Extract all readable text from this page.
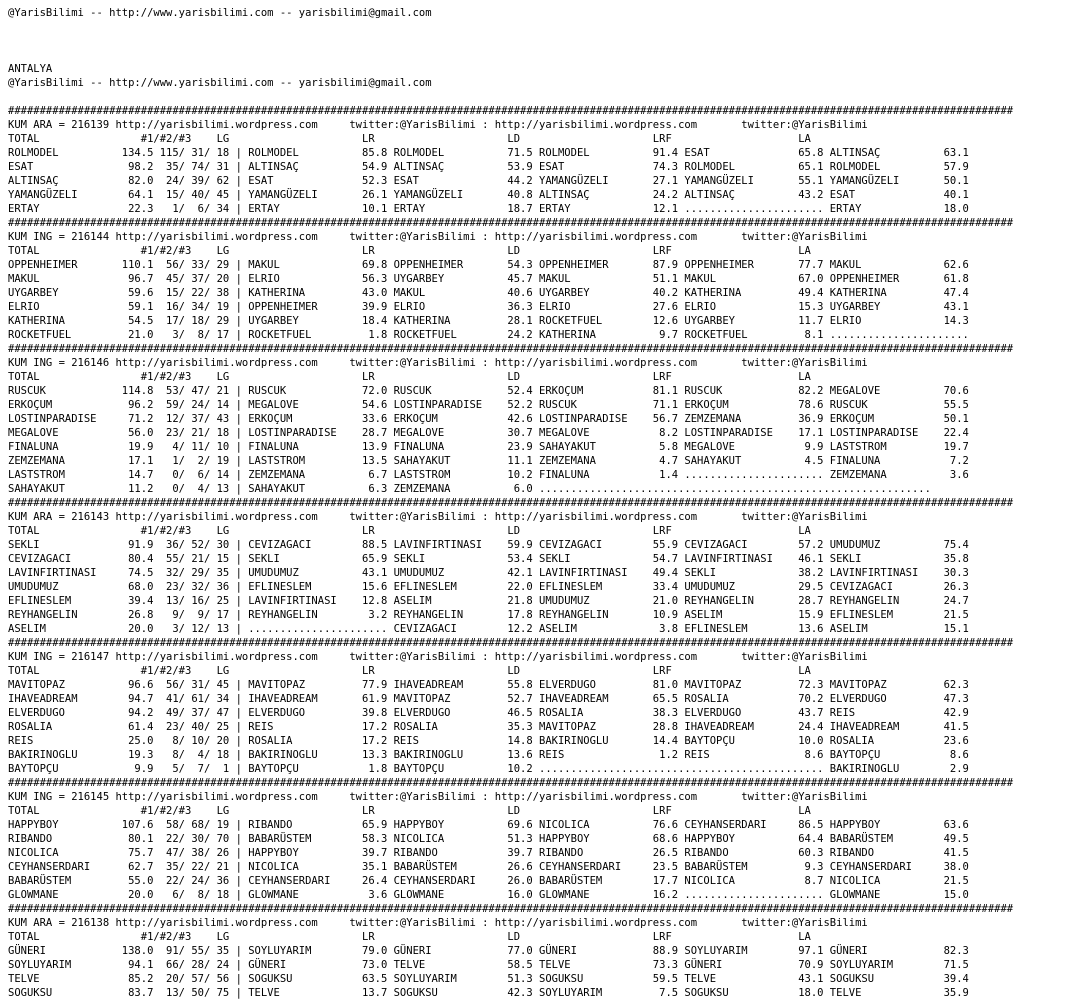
@YarisBilimi -- http://www.yarisbilimi.com -- yarisbilimi@gmail.com
ANTALYA
@YarisBilimi -- http://www.yarisbilimi.com -- yarisbilimi@gmail.com
###############################################################################################################################################################
KUM ARA = 216139 http://yarisbilimi.wordpress.com     twitter:@YarisBilimi : http://yarisbilimi.wordpress.com       twitter:@YarisBilimi
TOTAL                #1/#2/#3    LG                     LR                     LD                     LRF                    LA
ROLMODEL          134.5 115/ 31/ 18 | ROLMODEL          85.8 ROLMODEL          71.5 ROLMODEL          91.4 ESAT              65.8 ALTINSAÇ          63.1
ESAT               98.2  35/ 74/ 31 | ALTINSAÇ          54.9 ALTINSAÇ          53.9 ESAT              74.3 ROLMODEL          65.1 ROLMODEL          57.9
ALTINSAÇ           82.0  24/ 39/ 62 | ESAT              52.3 ESAT              44.2 YAMANGÜZELI       27.1 YAMANGÜZELI       55.1 YAMANGÜZELI       50.1
YAMANGÜZELI        64.1  15/ 40/ 45 | YAMANGÜZELI       26.1 YAMANGÜZELI       40.8 ALTINSAÇ          24.2 ALTINSAÇ          43.2 ESAT              40.1
ERTAY              22.3   1/  6/ 34 | ERTAY             10.1 ERTAY             18.7 ERTAY             12.1 ...................... ERTAY             18.0
###############################################################################################################################################################
KUM ING = 216144 http://yarisbilimi.wordpress.com     twitter:@YarisBilimi : http://yarisbilimi.wordpress.com       twitter:@YarisBilimi
TOTAL                #1/#2/#3    LG                     LR                     LD                     LRF                    LA
OPPENHEIMER       110.1  56/ 33/ 29 | MAKUL             69.8 OPPENHEIMER       54.3 OPPENHEIMER       87.9 OPPENHEIMER       77.7 MAKUL             62.6
MAKUL              96.7  45/ 37/ 20 | ELRIO             56.3 UYGARBEY          45.7 MAKUL             51.1 MAKUL             67.0 OPPENHEIMER       61.8
UYGARBEY           59.6  15/ 22/ 38 | KATHERINA         43.0 MAKUL             40.6 UYGARBEY          40.2 KATHERINA         49.4 KATHERINA         47.4
ELRIO              59.1  16/ 34/ 19 | OPPENHEIMER       39.9 ELRIO             36.3 ELRIO             27.6 ELRIO             15.3 UYGARBEY          43.1
KATHERINA          54.5  17/ 18/ 29 | UYGARBEY          18.4 KATHERINA         28.1 ROCKETFUEL        12.6 UYGARBEY          11.7 ELRIO             14.3
ROCKETFUEL         21.0   3/  8/ 17 | ROCKETFUEL         1.8 ROCKETFUEL        24.2 KATHERINA          9.7 ROCKETFUEL         8.1 ......................
###############################################################################################################################################################
KUM ING = 216146 http://yarisbilimi.wordpress.com     twitter:@YarisBilimi : http://yarisbilimi.wordpress.com       twitter:@YarisBilimi
TOTAL                #1/#2/#3    LG                     LR                     LD                     LRF                    LA
RUSCUK            114.8  53/ 47/ 21 | RUSCUK            72.0 RUSCUK            52.4 ERKOÇUM           81.1 RUSCUK            82.2 MEGALOVE          70.6
ERKOÇUM            96.2  59/ 24/ 14 | MEGALOVE          54.6 LOSTINPARADISE    52.2 RUSCUK            71.1 ERKOÇUM           78.6 RUSCUK            55.5
LOSTINPARADISE     71.2  12/ 37/ 43 | ERKOÇUM           33.6 ERKOÇUM           42.6 LOSTINPARADISE    56.7 ZEMZEMANA         36.9 ERKOÇUM           50.1
MEGALOVE           56.0  23/ 21/ 18 | LOSTINPARADISE    28.7 MEGALOVE          30.7 MEGALOVE           8.2 LOSTINPARADISE    17.1 LOSTINPARADISE    22.4
FINALUNA           19.9   4/ 11/ 10 | FINALUNA          13.9 FINALUNA          23.9 SAHAYAKUT          5.8 MEGALOVE           9.9 LASTSTROM         19.7
ZEMZEMANA          17.1   1/  2/ 19 | LASTSTROM         13.5 SAHAYAKUT         11.1 ZEMZEMANA          4.7 SAHAYAKUT          4.5 FINALUNA           7.2
LASTSTROM          14.7   0/  6/ 14 | ZEMZEMANA          6.7 LASTSTROM         10.2 FINALUNA           1.4 ...................... ZEMZEMANA          3.6
SAHAYAKUT          11.2   0/  4/ 13 | SAHAYAKUT          6.3 ZEMZEMANA          6.0 ..............................................................
###############################################################################################################################################################
KUM ARA = 216143 http://yarisbilimi.wordpress.com     twitter:@YarisBilimi : http://yarisbilimi.wordpress.com       twitter:@YarisBilimi
TOTAL                #1/#2/#3    LG                     LR                     LD                     LRF                    LA
SEKLI              91.9  36/ 52/ 30 | CEVIZAGACI        88.5 LAVINFIRTINASI    59.9 CEVIZAGACI        55.9 CEVIZAGACI        57.2 UMUDUMUZ          75.4
CEVIZAGACI         80.4  55/ 21/ 15 | SEKLI             65.9 SEKLI             53.4 SEKLI             54.7 LAVINFIRTINASI    46.1 SEKLI             35.8
LAVINFIRTINASI     74.5  32/ 29/ 35 | UMUDUMUZ          43.1 UMUDUMUZ          42.1 LAVINFIRTINASI    49.4 SEKLI             38.2 LAVINFIRTINASI    30.3
UMUDUMUZ           68.0  23/ 32/ 36 | EFLINESLEM        15.6 EFLINESLEM        22.0 EFLINESLEM        33.4 UMUDUMUZ          29.5 CEVIZAGACI        26.3
EFLINESLEM         39.4  13/ 16/ 25 | LAVINFIRTINASI    12.8 ASELIM            21.8 UMUDUMUZ          21.0 REYHANGELIN       28.7 REYHANGELIN       24.7
REYHANGELIN        26.8   9/  9/ 17 | REYHANGELIN        3.2 REYHANGELIN       17.8 REYHANGELIN       10.9 ASELIM            15.9 EFLINESLEM        21.5
ASELIM             20.0   3/ 12/ 13 | ...................... CEVIZAGACI        12.2 ASELIM             3.8 EFLINESLEM        13.6 ASELIM            15.1
###############################################################################################################################################################
KUM ING = 216147 http://yarisbilimi.wordpress.com     twitter:@YarisBilimi : http://yarisbilimi.wordpress.com       twitter:@YarisBilimi
TOTAL                #1/#2/#3    LG                     LR                     LD                     LRF                    LA
MAVITOPAZ          96.6  56/ 31/ 45 | MAVITOPAZ         77.9 IHAVEADREAM       55.8 ELVERDUGO         81.0 MAVITOPAZ         72.3 MAVITOPAZ         62.3
IHAVEADREAM        94.7  41/ 61/ 34 | IHAVEADREAM       61.9 MAVITOPAZ         52.7 IHAVEADREAM       65.5 ROSALIA           70.2 ELVERDUGO         47.3
ELVERDUGO          94.2  49/ 37/ 47 | ELVERDUGO         39.8 ELVERDUGO         46.5 ROSALIA           38.3 ELVERDUGO         43.7 REIS              42.9
ROSALIA            61.4  23/ 40/ 25 | REIS              17.2 ROSALIA           35.3 MAVITOPAZ         28.8 IHAVEADREAM       24.4 IHAVEADREAM       41.5
REIS               25.0   8/ 10/ 20 | ROSALIA           17.2 REIS              14.8 BAKIRINOGLU       14.4 BAYTOPÇU          10.0 ROSALIA           23.6
BAKIRINOGLU        19.3   8/  4/ 18 | BAKIRINOGLU       13.3 BAKIRINOGLU       13.6 REIS               1.2 REIS               8.6 BAYTOPÇU           8.6
BAYTOPÇU            9.9   5/  7/  1 | BAYTOPÇU           1.8 BAYTOPÇU          10.2 ............................................. BAKIRINOGLU        2.9
###############################################################################################################################################################
KUM ING = 216145 http://yarisbilimi.wordpress.com     twitter:@YarisBilimi : http://yarisbilimi.wordpress.com       twitter:@YarisBilimi
TOTAL                #1/#2/#3    LG                     LR                     LD                     LRF                    LA
HAPPYBOY          107.6  58/ 68/ 19 | RIBANDO           65.9 HAPPYBOY          69.6 NICOLICA          76.6 CEYHANSERDARI     86.5 HAPPYBOY          63.6
RIBANDO            80.1  22/ 30/ 70 | BABARÜSTEM        58.3 NICOLICA          51.3 HAPPYBOY          68.6 HAPPYBOY          64.4 BABARÜSTEM        49.5
NICOLICA           75.7  47/ 38/ 26 | HAPPYBOY          39.7 RIBANDO           39.7 RIBANDO           26.5 RIBANDO           60.3 RIBANDO           41.5
CEYHANSERDARI      62.7  35/ 22/ 21 | NICOLICA          35.1 BABARÜSTEM        26.6 CEYHANSERDARI     23.5 BABARÜSTEM         9.3 CEYHANSERDARI     38.0
BABARÜSTEM         55.0  22/ 24/ 36 | CEYHANSERDARI     26.4 CEYHANSERDARI     26.0 BABARÜSTEM        17.7 NICOLICA           8.7 NICOLICA          21.5
GLOWMANE           20.0   6/  8/ 18 | GLOWMANE           3.6 GLOWMANE          16.0 GLOWMANE          16.2 ...................... GLOWMANE          15.0
###############################################################################################################################################################
KUM ARA = 216138 http://yarisbilimi.wordpress.com     twitter:@YarisBilimi : http://yarisbilimi.wordpress.com       twitter:@YarisBilimi
TOTAL                #1/#2/#3    LG                     LR                     LD                     LRF                    LA
GÜNERI            138.0  91/ 55/ 35 | SOYLUYARIM        79.0 GÜNERI            77.0 GÜNERI            88.9 SOYLUYARIM        97.1 GÜNERI            82.3
SOYLUYARIM         94.1  66/ 28/ 24 | GÜNERI            73.0 TELVE             58.5 TELVE             73.3 GÜNERI            70.9 SOYLUYARIM        71.5
TELVE              85.2  20/ 57/ 56 | SOGUKSU           63.5 SOYLUYARIM        51.3 SOGUKSU           59.5 TELVE             43.1 SOGUKSU           39.4
SOGUKSU            83.7  13/ 50/ 75 | TELVE             13.7 SOGUKSU           42.3 SOYLUYARIM         7.5 SOGUKSU           18.0 TELVE             35.9
